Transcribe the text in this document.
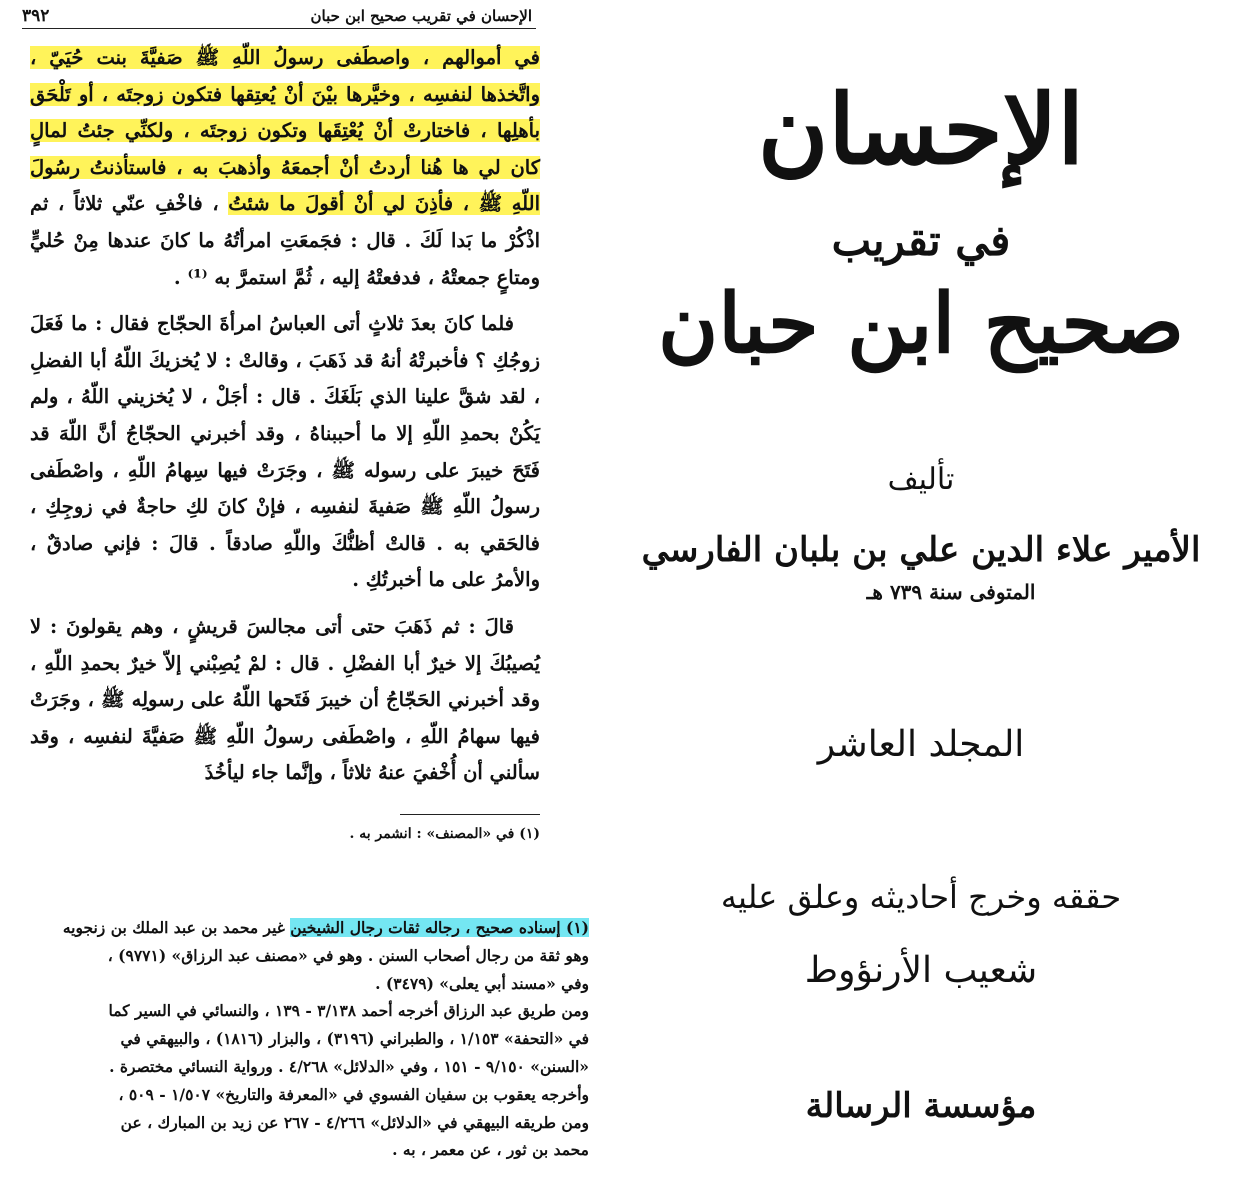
٣٩٢	الإحسان في تقريب صحيح ابن حبان

في أموالهم ، واصطَفى رسولُ اللّهِ ﷺ صَفيَّةَ بنت حُيَيّ ، واتَّخذها لنفسِه ، وخيَّرها بيْنَ أنْ يُعتِقها فتكون زوجتَه ، أو تَلْحَق بأهلِها ، فاختارتْ أنْ يُعْتِقَها وتكون زوجتَه ، ولكنِّي جئتُ لمالٍ كان لي ها هُنا أردتُ أنْ أجمعَهُ وأذهبَ به ، فاستأذنتُ رسُولَ اللّهِ ﷺ ، فأذِنَ لي أنْ أقولَ ما شئتُ ، فاخْفِ عنّي ثلاثاً ، ثم اذْكُرْ ما بَدا لَكَ . قال : فجَمعَتِ امرأتُهُ ما كانَ عندها مِنْ حُليٍّ ومتاعٍ جمعتْهُ ، فدفعتْهُ إليه ، ثُمَّ استمرَّ به ⁽¹⁾ .

فلما كانَ بعدَ ثلاثٍ أتى العباسُ امرأةَ الحجّاج فقال : ما فَعَلَ زوجُكِ ؟ فأخبرتْهُ أنهُ قد ذَهَبَ ، وقالتْ : لا يُخزيكَ اللّهُ أبا الفضلِ ، لقد شقَّ علينا الذي بَلَغَكَ . قال : أجَلْ ، لا يُخزيني اللّهُ ، ولم يَكُنْ بحمدِ اللّهِ إلا ما أحببناهُ ، وقد أخبرني الحجّاجُ أنَّ اللّهَ قد فَتَحَ خيبرَ على رسوله ﷺ ، وجَرَتْ فيها سِهامُ اللّهِ ، واصْطَفى رسولُ اللّهِ ﷺ صَفيةَ لنفسِه ، فإنْ كانَ لكِ حاجةٌ في زوجِكِ ، فالحَقي به . قالتْ أظنُّكَ واللّهِ صادقاً . قالَ : فإني صادقٌ ، والأمرُ على ما أخبرتُكِ .

قالَ : ثم ذَهَبَ حتى أتى مجالسَ قريشٍ ، وهم يقولونَ : لا يُصيبُكَ إلا خيرٌ أبا الفضْلِ . قال : لمْ يُصِبْني إلاّ خيرٌ بحمدِ اللّهِ ، وقد أخبرني الحَجّاجُ أن خيبرَ فَتَحها اللّهُ على رسولِه ﷺ ، وجَرَتْ فيها سهامُ اللّهِ ، واصْطَفى رسولُ اللّهِ ﷺ صَفيَّةَ لنفسِه ، وقد سألني أن أُخْفيَ عنهُ ثلاثاً ، وإنَّما جاء ليأخُذَ

(١) في «المصنف» : انشمر به .

(١) إسناده صحيح ، رجاله ثقات رجال الشيخين غير محمد بن عبد الملك بن زنجويه

وهو ثقة من رجال أصحاب السنن . وهو في «مصنف عبد الرزاق» (٩٧٧١) ،

وفي «مسند أبي يعلى» (٣٤٧٩) .

ومن طريق عبد الرزاق أخرجه أحمد ٣/١٣٨ - ١٣٩ ، والنسائي في السير كما

في «التحفة» ١/١٥٣ ، والطبراني (٣١٩٦) ، والبزار (١٨١٦) ، والبيهقي في

«السنن» ٩/١٥٠ - ١٥١ ، وفي «الدلائل» ٤/٢٦٨ . ورواية النسائي مختصرة .

وأخرجه يعقوب بن سفيان الفسوي في «المعرفة والتاريخ» ١/٥٠٧ - ٥٠٩ ،

ومن طريقه البيهقي في «الدلائل» ٤/٢٦٦ - ٢٦٧ عن زيد بن المبارك ، عن

محمد بن ثور ، عن معمر ، به .

الإحسان
في تقريب
صحيح ابن حبان
تأليف
الأمير علاء الدين علي بن بلبان الفارسي
المتوفى سنة ٧٣٩ هـ
المجلد العاشر
حققه وخرج أحاديثه وعلق عليه
شعيب الأرنؤوط
مؤسسة الرسالة
